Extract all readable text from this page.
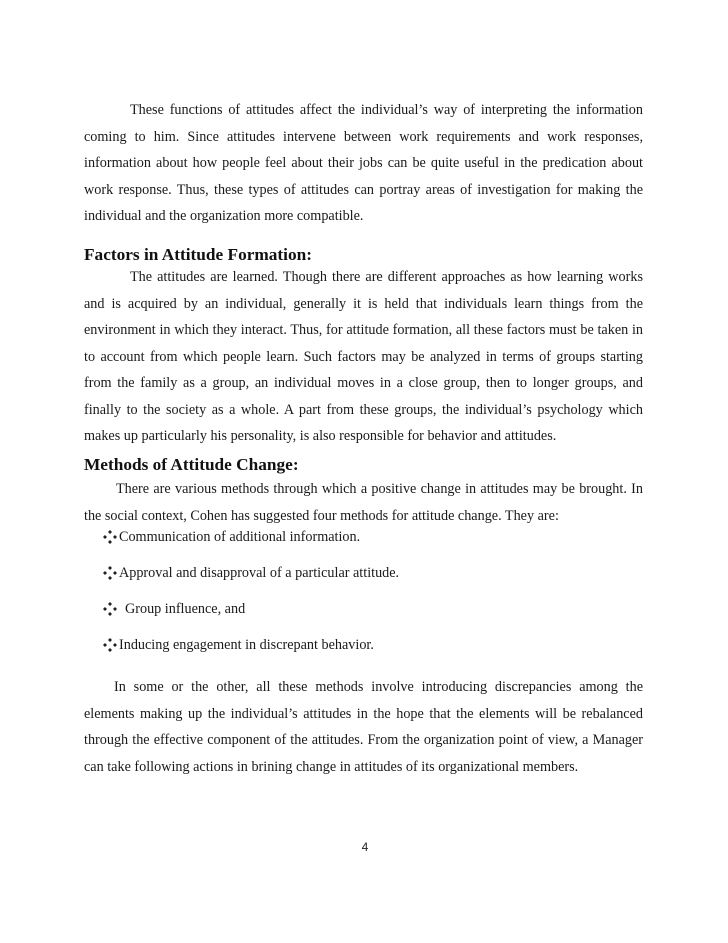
These functions of attitudes affect the individual’s way of interpreting the information coming to him. Since attitudes intervene between work requirements and work responses, information about how people feel about their jobs can be quite useful in the predication about work response. Thus, these types of attitudes can portray areas of investigation for making the individual and the organization more compatible.

Factors in Attitude Formation:

The attitudes are learned. Though there are different approaches as how learning works and is acquired by an individual, generally it is held that individuals learn things from the environment in which they interact. Thus, for attitude formation, all these factors must be taken in to account from which people learn. Such factors may be analyzed in terms of groups starting from the family as a group, an individual moves in a close group, then to longer groups, and finally to the society as a whole. A part from these groups, the individual’s psychology which makes up particularly his personality, is also responsible for behavior and attitudes.

Methods of Attitude Change:

There are various methods through which a positive change in attitudes may be brought. In the social context, Cohen has suggested four methods for attitude change. They are:

Communication of additional information.
Approval and disapproval of a particular attitude.
Group influence, and
Inducing engagement in discrepant behavior.

In some or the other, all these methods involve introducing discrepancies among the elements making up the individual’s attitudes in the hope that the elements will be rebalanced through the effective component of the attitudes. From the organization point of view, a Manager can take following actions in brining change in attitudes of its organizational members.

4
